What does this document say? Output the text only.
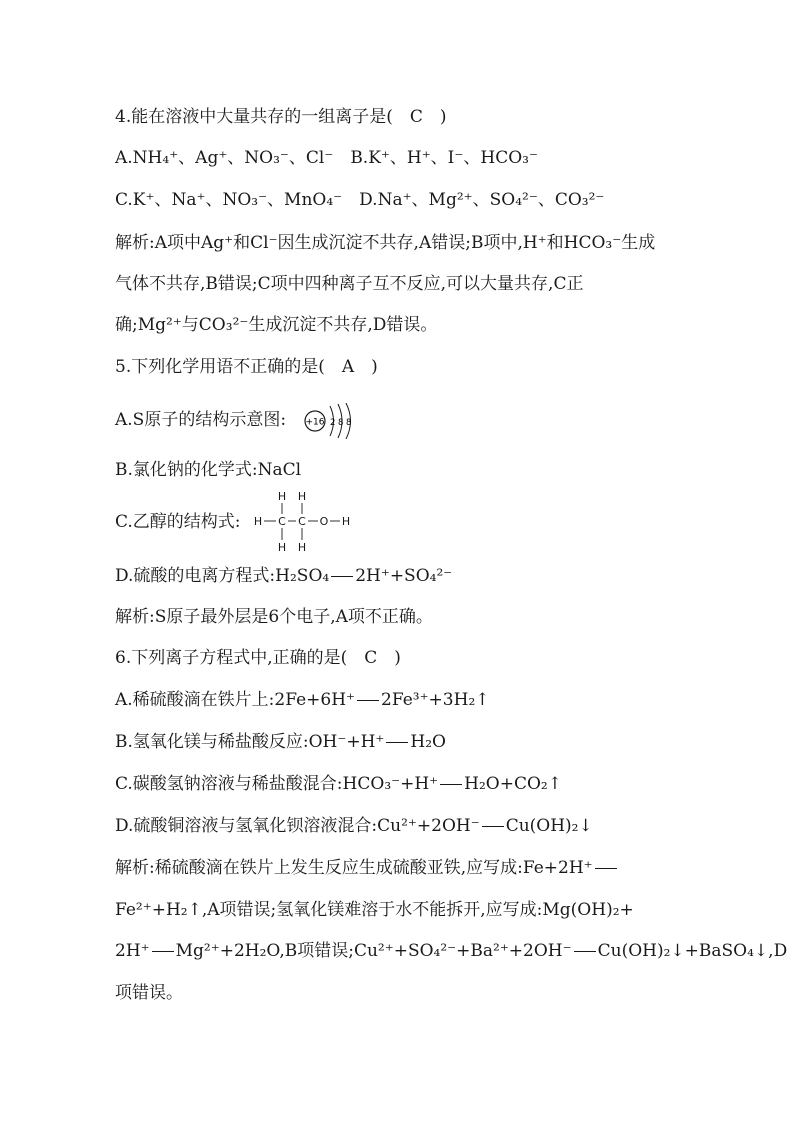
4.能在溶液中大量共存的一组离子是(　C　)
A.NH₄⁺、Ag⁺、NO₃⁻、Cl⁻　B.K⁺、H⁺、I⁻、HCO₃⁻
C.K⁺、Na⁺、NO₃⁻、MnO₄⁻　D.Na⁺、Mg²⁺、SO₄²⁻、CO₃²⁻
解析:A项中Ag⁺和Cl⁻因生成沉淀不共存,A错误;B项中,H⁺和HCO₃⁻生成
气体不共存,B错误;C项中四种离子互不反应,可以大量共存,C正
确;Mg²⁺与CO₃²⁻生成沉淀不共存,D错误。
5.下列化学用语不正确的是(　A　)
A.S原子的结构示意图: +16 2 8 8
B.氯化钠的化学式:NaCl
C.乙醇的结构式:
H H
H C C O H
H H
D.硫酸的电离方程式:H₂SO₄ 2H⁺+SO₄²⁻
解析:S原子最外层是6个电子,A项不正确。
6.下列离子方程式中,正确的是(　C　)
A.稀硫酸滴在铁片上:2Fe+6H⁺ 2Fe³⁺+3H₂↑
B.氢氧化镁与稀盐酸反应:OH⁻+H⁺ H₂O
C.碳酸氢钠溶液与稀盐酸混合:HCO₃⁻+H⁺ H₂O+CO₂↑
D.硫酸铜溶液与氢氧化钡溶液混合:Cu²⁺+2OH⁻ Cu(OH)₂↓
解析:稀硫酸滴在铁片上发生反应生成硫酸亚铁,应写成:Fe+2H⁺
Fe²⁺+H₂↑,A项错误;氢氧化镁难溶于水不能拆开,应写成:Mg(OH)₂+
2H⁺ Mg²⁺+2H₂O,B项错误;Cu²⁺+SO₄²⁻+Ba²⁺+2OH⁻ Cu(OH)₂↓+BaSO₄↓,D
项错误。
